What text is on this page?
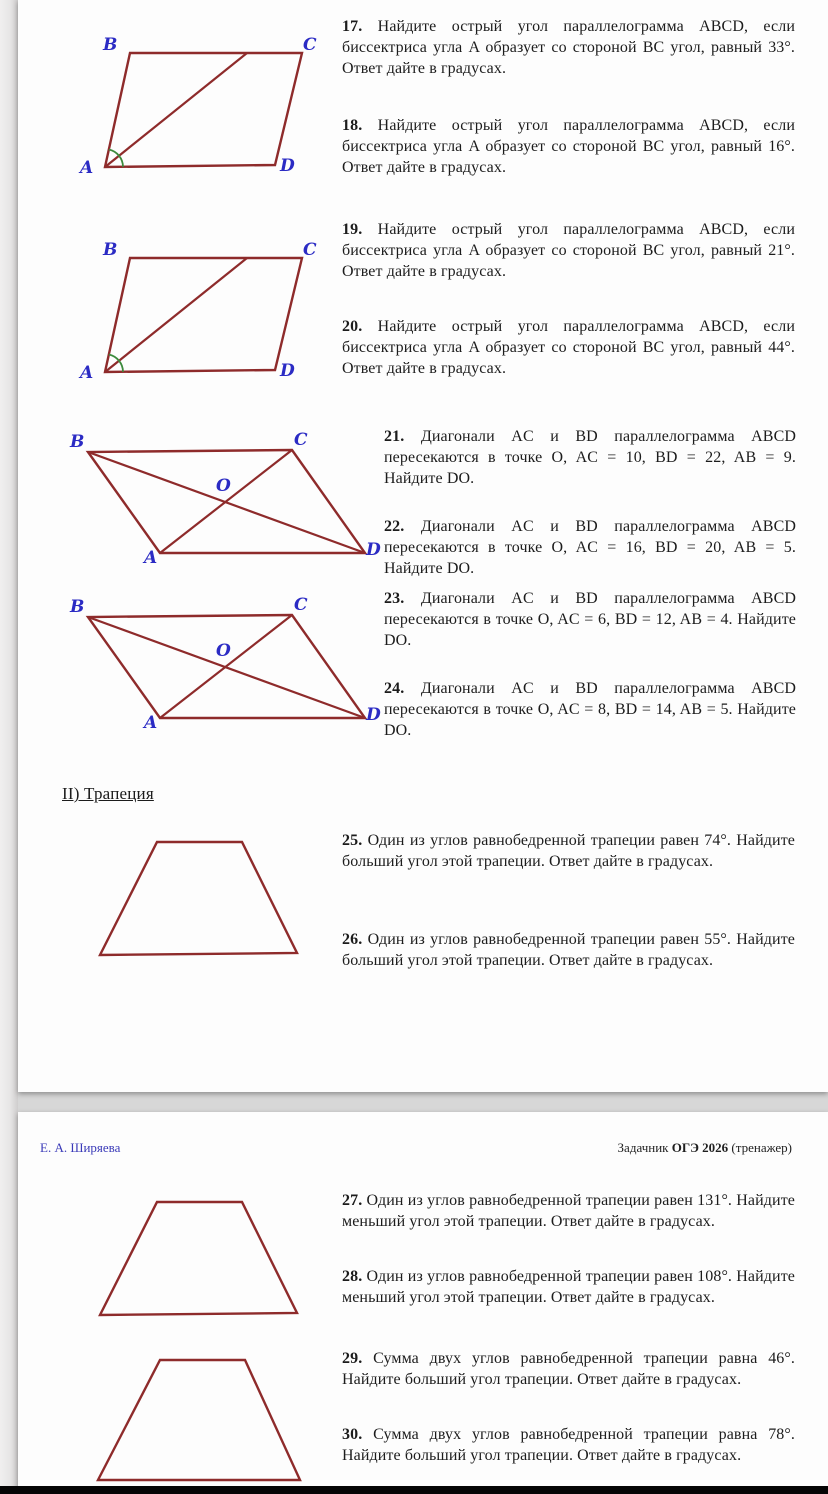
B	C
A	D
B	C
A	D
B	C
A	D
O
B	C
A	D
O
II) Трапеция

17. Найдите острый угол параллелограмма ABCD, если биссектриса угла A образует со стороной BC угол, равный 33°. Ответ дайте в градусах.

18. Найдите острый угол параллелограмма ABCD, если биссектриса угла A образует со стороной BC угол, равный 16°. Ответ дайте в градусах.

19. Найдите острый угол параллелограмма ABCD, если биссектриса угла A образует со стороной BC угол, равный 21°. Ответ дайте в градусах.

20. Найдите острый угол параллелограмма ABCD, если биссектриса угла A образует со стороной BC угол, равный 44°. Ответ дайте в градусах.

21. Диагонали AC и BD параллелограмма ABCD пересекаются в точке O, AC = 10, BD = 22, AB = 9. Найдите DO.

22. Диагонали AC и BD параллелограмма ABCD пересекаются в точке O, AC = 16, BD = 20, AB = 5. Найдите DO.

23. Диагонали AC и BD параллелограмма ABCD пересекаются в точке O, AC = 6, BD = 12, AB = 4. Найдите DO.

24. Диагонали AC и BD параллелограмма ABCD пересекаются в точке O, AC = 8, BD = 14, AB = 5. Найдите DO.

25. Один из углов равнобедренной трапеции равен 74°. Найдите больший угол этой трапеции. Ответ дайте в градусах.

26. Один из углов равнобедренной трапеции равен 55°. Найдите больший угол этой трапеции. Ответ дайте в градусах.

Е. А. Ширяева	Задачник ОГЭ 2026 (тренажер)

27. Один из углов равнобедренной трапеции равен 131°. Найдите меньший угол этой трапеции. Ответ дайте в градусах.

28. Один из углов равнобедренной трапеции равен 108°. Найдите меньший угол этой трапеции. Ответ дайте в градусах.

29. Сумма двух углов равнобедренной трапеции равна 46°. Найдите больший угол трапеции. Ответ дайте в градусах.

30. Сумма двух углов равнобедренной трапеции равна 78°. Найдите больший угол трапеции. Ответ дайте в градусах.
